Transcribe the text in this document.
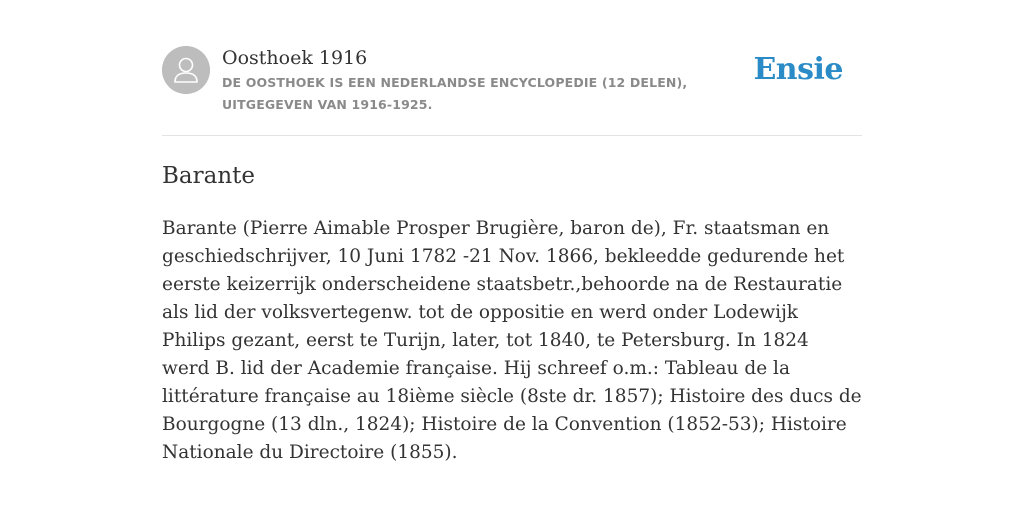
Oosthoek 1916
DE OOSTHOEK IS EEN NEDERLANDSE ENCYCLOPEDIE (12 DELEN), UITGEGEVEN VAN 1916-1925.
Ensie
Barante

Barante (Pierre Aimable Prosper Brugière, baron de), Fr. staatsman en geschiedschrijver, 10 Juni 1782 -21 Nov. 1866, bekleedde gedurende het eerste keizerrijk onderscheidene staatsbetr.,behoorde na de Restauratie als lid der volksvertegenw. tot de oppositie en werd onder Lodewijk Philips gezant, eerst te Turijn, later, tot 1840, te Petersburg. In 1824 werd B. lid der Academie française. Hij schreef o.m.: Tableau de la littérature française au 18ième siècle (8ste dr. 1857); Histoire des ducs de Bourgogne (13 dln., 1824); Histoire de la Convention (1852-53); Histoire Nationale du Directoire (1855).
